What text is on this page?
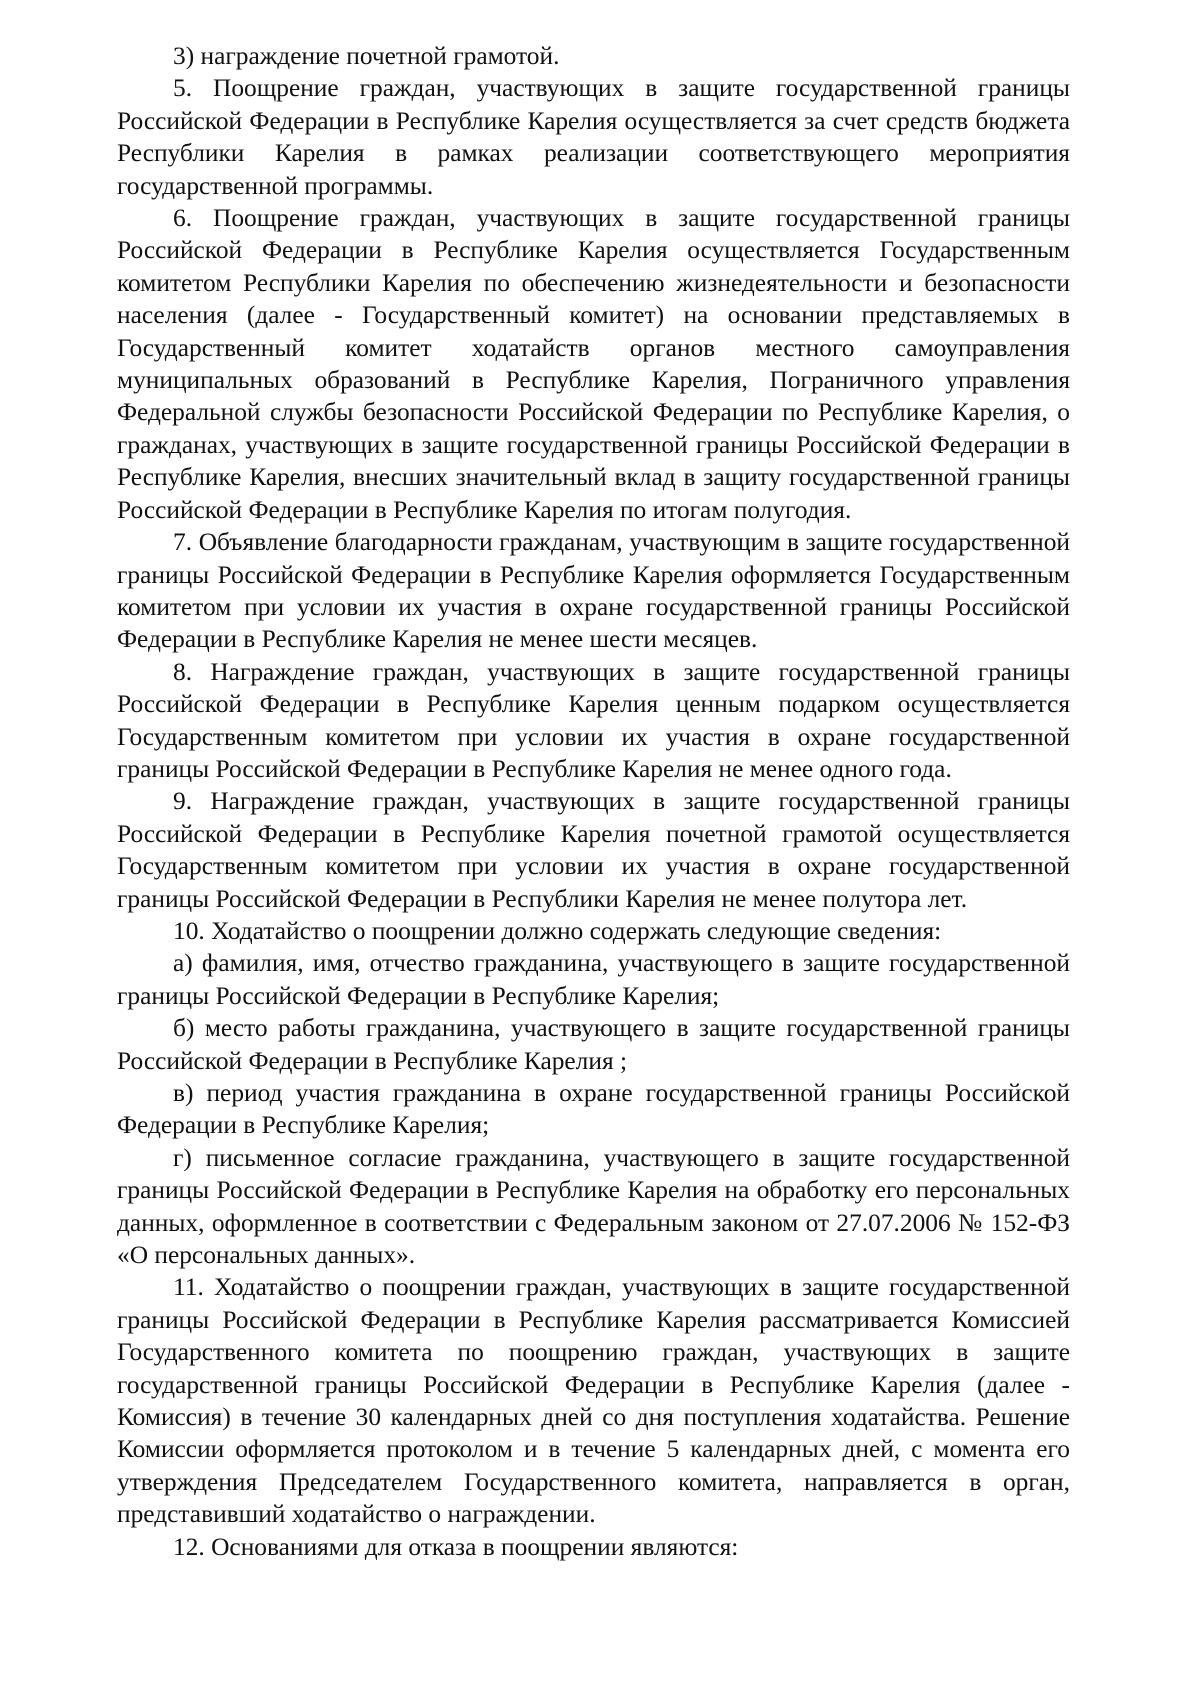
3) награждение почетной грамотой.

5. Поощрение граждан, участвующих в защите государственной границы Российской Федерации в Республике Карелия осуществляется за счет средств бюджета Республики Карелия в рамках реализации соответствующего мероприятия государственной программы.

6. Поощрение граждан, участвующих в защите государственной границы Российской Федерации в Республике Карелия осуществляется Государственным комитетом Республики Карелия по обеспечению жизнедеятельности и безопасности населения (далее - Государственный комитет) на основании представляемых в Государственный комитет ходатайств органов местного самоуправления муниципальных образований в Республике Карелия, Пограничного управления Федеральной службы безопасности Российской Федерации по Республике Карелия, о гражданах, участвующих в защите государственной границы Российской Федерации в Республике Карелия, внесших значительный вклад в защиту государственной границы Российской Федерации в Республике Карелия по итогам полугодия.

7. Объявление благодарности гражданам, участвующим в защите государственной границы Российской Федерации в Республике Карелия оформляется Государственным комитетом при условии их участия в охране государственной границы Российской Федерации в Республике Карелия не менее шести месяцев.

8. Награждение граждан, участвующих в защите государственной границы Российской Федерации в Республике Карелия ценным подарком осуществляется Государственным комитетом при условии их участия в охране государственной границы Российской Федерации в Республике Карелия не менее одного года.

9. Награждение граждан, участвующих в защите государственной границы Российской Федерации в Республике Карелия почетной грамотой осуществляется Государственным комитетом при условии их участия в охране государственной границы Российской Федерации в Республики Карелия не менее полутора лет.

10. Ходатайство о поощрении должно содержать следующие сведения:

а) фамилия, имя, отчество гражданина, участвующего в защите государственной границы Российской Федерации в Республике Карелия;

б) место работы гражданина, участвующего в защите государственной границы Российской Федерации в Республике Карелия ;

в) период участия гражданина в охране государственной границы Российской Федерации в Республике Карелия;

г) письменное согласие гражданина, участвующего в защите государственной границы Российской Федерации в Республике Карелия на обработку его персональных данных, оформленное в соответствии с Федеральным законом от 27.07.2006 № 152-ФЗ «О персональных данных».

11. Ходатайство о поощрении граждан, участвующих в защите государственной границы Российской Федерации в Республике Карелия рассматривается Комиссией Государственного комитета по поощрению граждан, участвующих в защите государственной границы Российской Федерации в Республике Карелия (далее - Комиссия) в течение 30 календарных дней со дня поступления ходатайства. Решение Комиссии оформляется протоколом и в течение 5 календарных дней, с момента его утверждения Председателем Государственного комитета, направляется в орган, представивший ходатайство о награждении.

12. Основаниями для отказа в поощрении являются:
